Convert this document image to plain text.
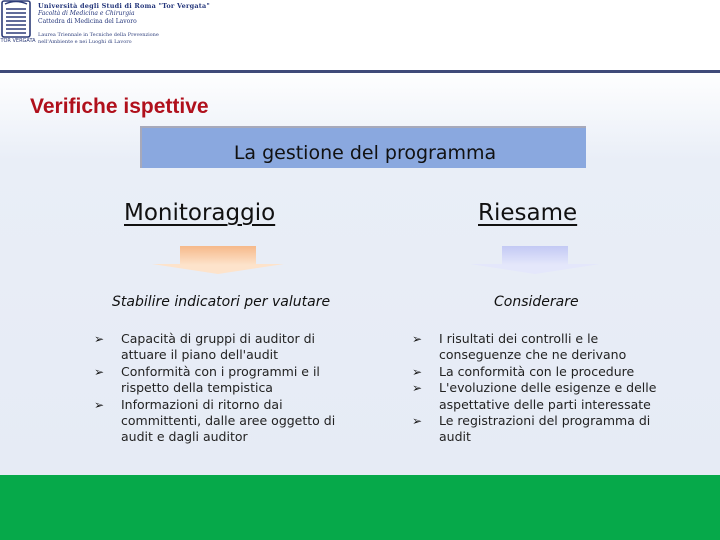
TOR VERGATA
Università degli Studi di Roma "Tor Vergata"
Facoltà di Medicina e Chirurgia
Cattedra di Medicina del Lavoro
Laurea Triennale in Tecniche della Prevenzione
nell'Ambiente e nei Luoghi di Lavoro
Verifiche ispettive
La gestione del programma
Monitoraggio	Riesame
Stabilire indicatori per valutare	Considerare
➢ Capacità di gruppi di auditor di attuare il piano dell'audit
➢ Conformità con i programmi e il rispetto della tempistica
➢ Informazioni di ritorno dai committenti, dalle aree oggetto di audit e dagli auditor
➢ I risultati dei controlli e le conseguenze che ne derivano
➢ La conformità con le procedure
➢ L'evoluzione delle esigenze e delle aspettative delle parti interessate
➢ Le registrazioni del programma di audit
